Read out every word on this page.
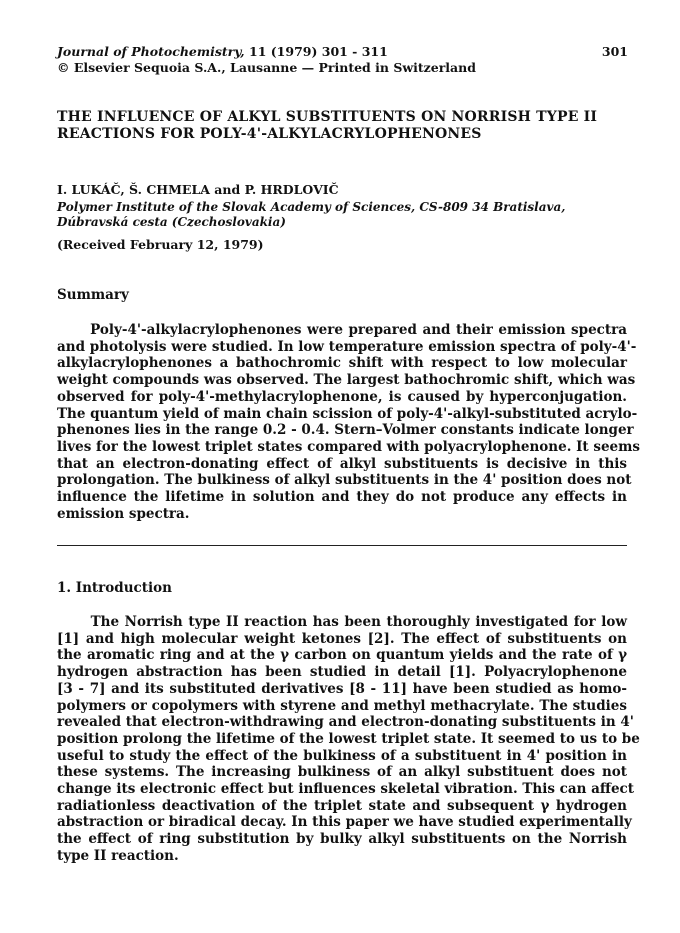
Journal of Photochemistry, 11 (1979) 301 - 311
© Elsevier Sequoia S.A., Lausanne — Printed in Switzerland
301
THE INFLUENCE OF ALKYL SUBSTITUENTS ON NORRISH TYPE II
REACTIONS FOR POLY-4'-ALKYLACRYLOPHENONES
I. LUKÁČ, Š. CHMELA and P. HRDLOVIČ
Polymer Institute of the Slovak Academy of Sciences, CS-809 34 Bratislava,
Dúbravská cesta (Czechoslovakia)
(Received February 12, 1979)
Summary
Poly-4'-alkylacrylophenones were prepared and their emission spectra
and photolysis were studied. In low temperature emission spectra of poly-4'-
alkylacrylophenones a bathochromic shift with respect to low molecular
weight compounds was observed. The largest bathochromic shift, which was
observed for poly-4'-methylacrylophenone, is caused by hyperconjugation.
The quantum yield of main chain scission of poly-4'-alkyl-substituted acrylo-
phenones lies in the range 0.2 - 0.4. Stern–Volmer constants indicate longer
lives for the lowest triplet states compared with polyacrylophenone. It seems
that an electron-donating effect of alkyl substituents is decisive in this
prolongation. The bulkiness of alkyl substituents in the 4' position does not
influence the lifetime in solution and they do not produce any effects in
emission spectra.
1. Introduction
The Norrish type II reaction has been thoroughly investigated for low
[1] and high molecular weight ketones [2]. The effect of substituents on
the aromatic ring and at the γ carbon on quantum yields and the rate of γ
hydrogen abstraction has been studied in detail [1]. Polyacrylophenone
[3 - 7] and its substituted derivatives [8 - 11] have been studied as homo-
polymers or copolymers with styrene and methyl methacrylate. The studies
revealed that electron-withdrawing and electron-donating substituents in 4'
position prolong the lifetime of the lowest triplet state. It seemed to us to be
useful to study the effect of the bulkiness of a substituent in 4' position in
these systems. The increasing bulkiness of an alkyl substituent does not
change its electronic effect but influences skeletal vibration. This can affect
radiationless deactivation of the triplet state and subsequent γ hydrogen
abstraction or biradical decay. In this paper we have studied experimentally
the effect of ring substitution by bulky alkyl substituents on the Norrish
type II reaction.
